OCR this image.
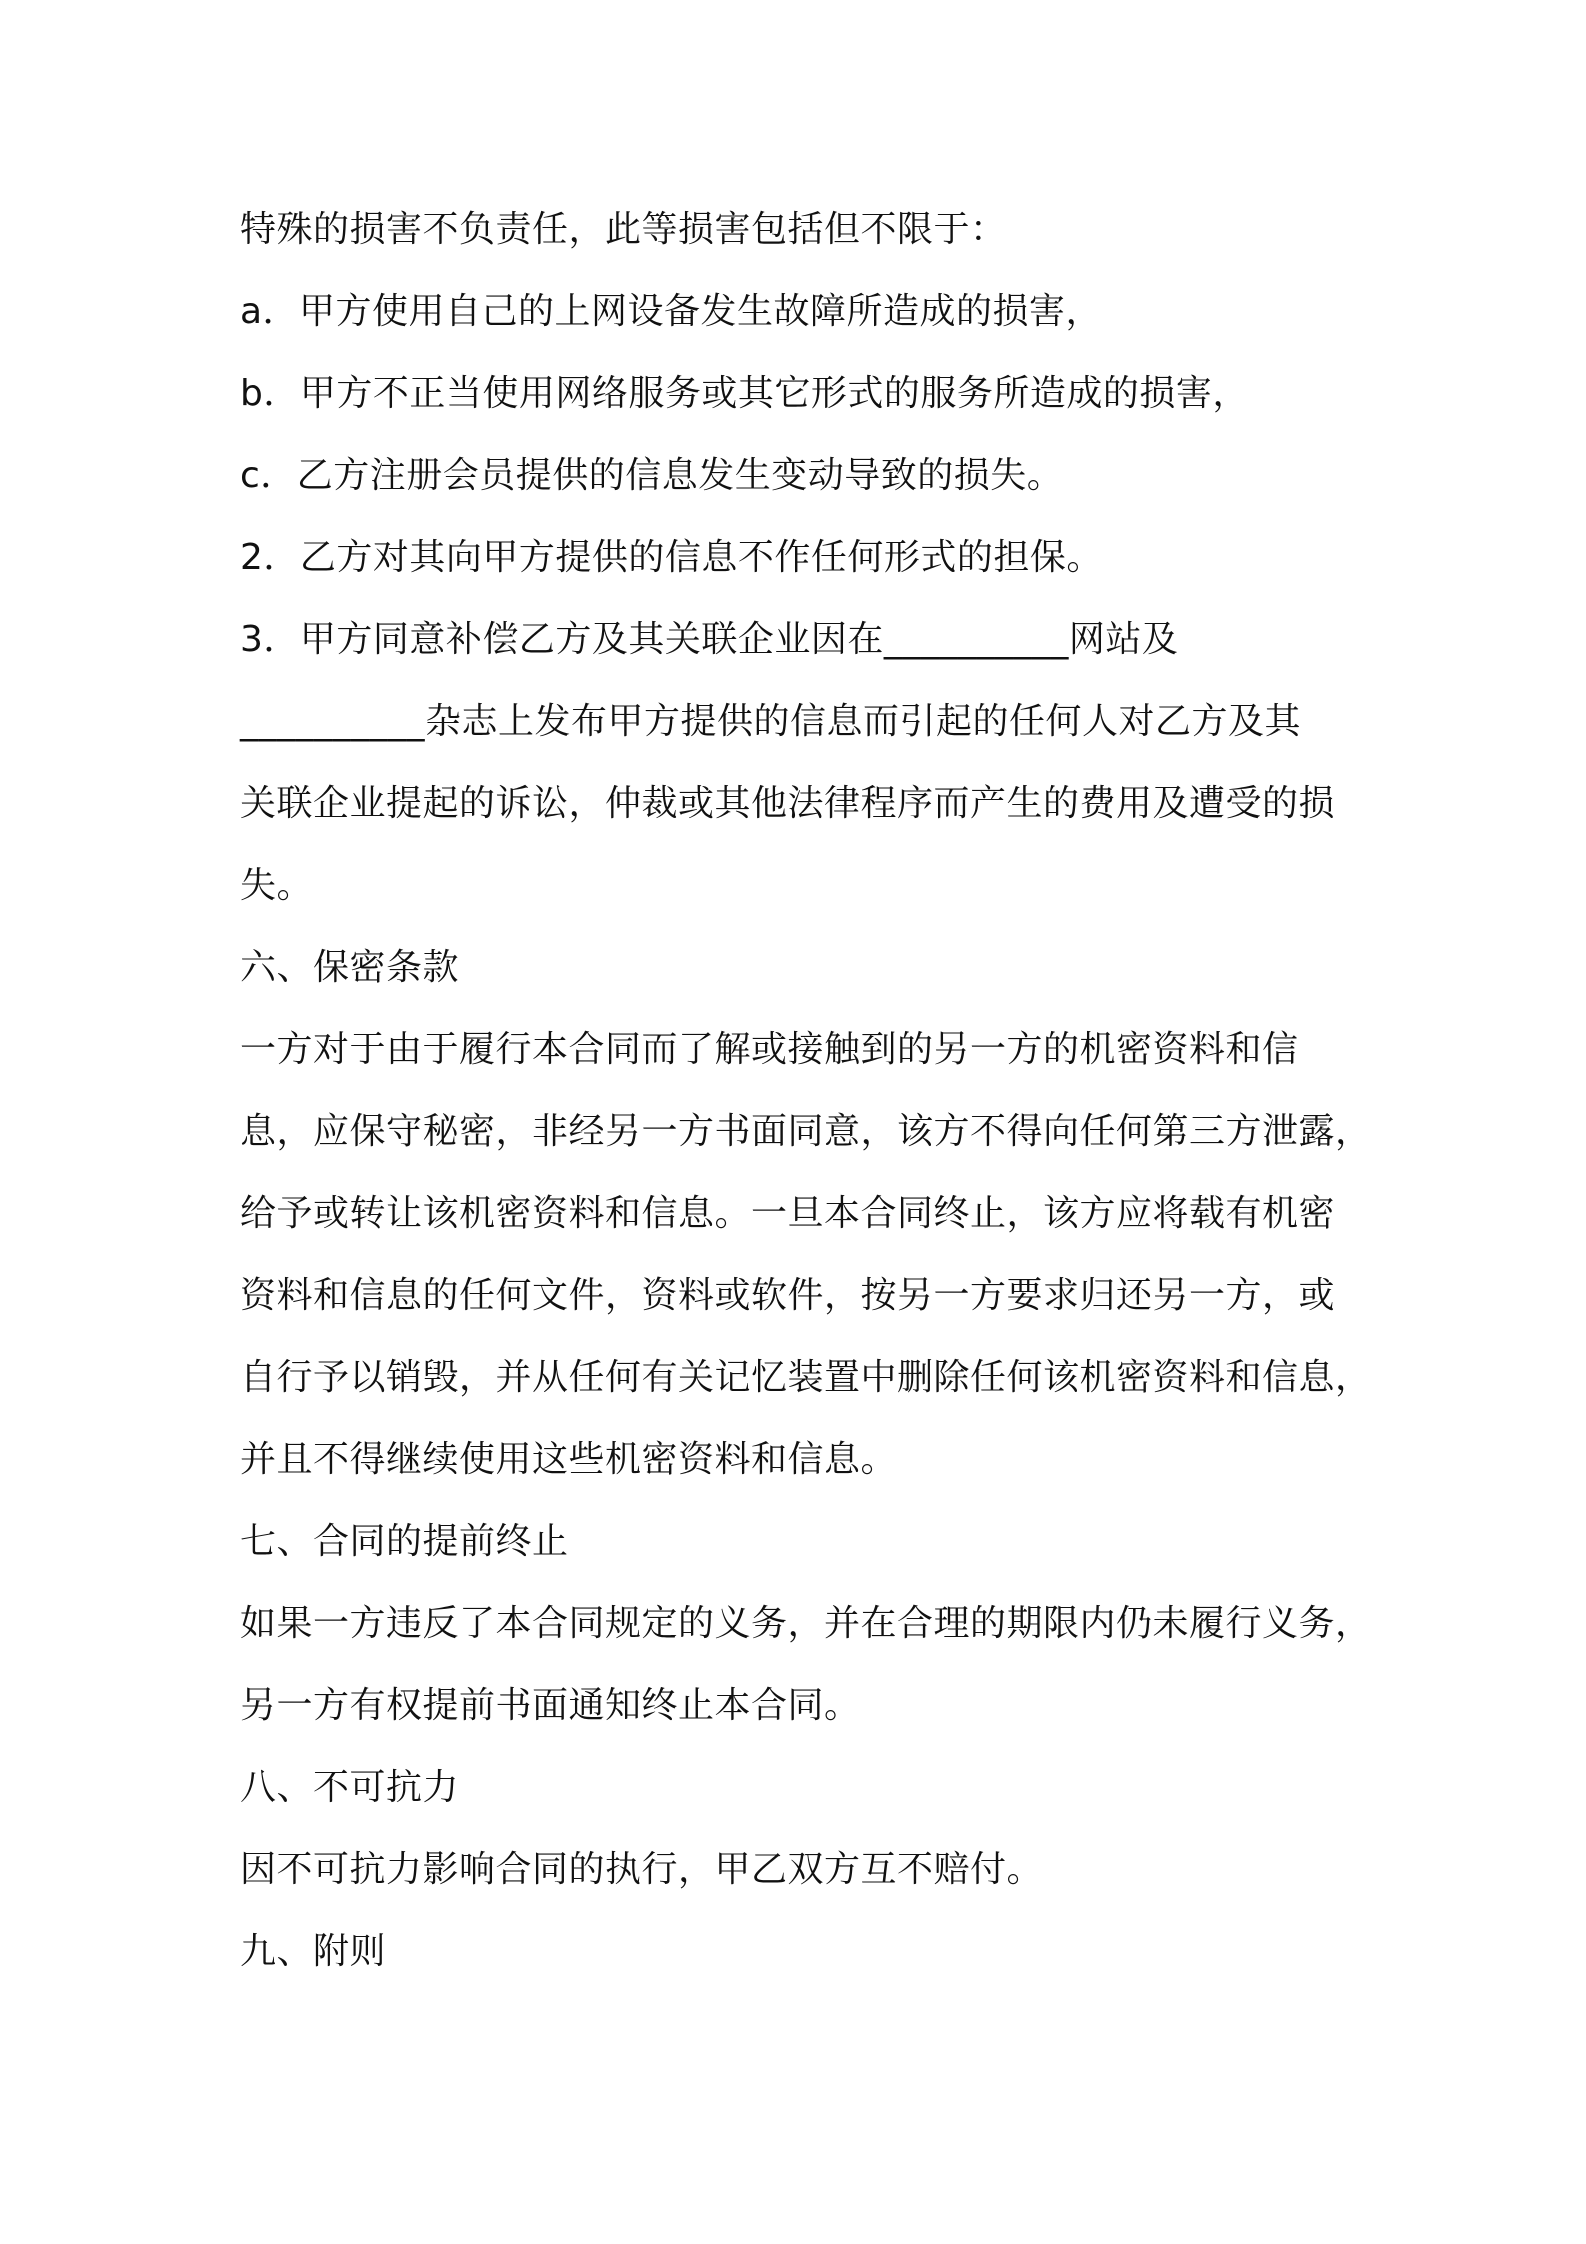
特殊的损害不负责任，此等损害包括但不限于：

a．甲方使用自己的上网设备发生故障所造成的损害，

b．甲方不正当使用网络服务或其它形式的服务所造成的损害，

c．乙方注册会员提供的信息发生变动导致的损失。

2．乙方对其向甲方提供的信息不作任何形式的担保。

3．甲方同意补偿乙方及其关联企业因在__________网站及

__________杂志上发布甲方提供的信息而引起的任何人对乙方及其

关联企业提起的诉讼，仲裁或其他法律程序而产生的费用及遭受的损

失。

六、保密条款

一方对于由于履行本合同而了解或接触到的另一方的机密资料和信

息，应保守秘密，非经另一方书面同意，该方不得向任何第三方泄露，

给予或转让该机密资料和信息。一旦本合同终止，该方应将载有机密

资料和信息的任何文件，资料或软件，按另一方要求归还另一方，或

自行予以销毁，并从任何有关记忆装置中删除任何该机密资料和信息，

并且不得继续使用这些机密资料和信息。

七、合同的提前终止

如果一方违反了本合同规定的义务，并在合理的期限内仍未履行义务，

另一方有权提前书面通知终止本合同。

八、不可抗力

因不可抗力影响合同的执行，甲乙双方互不赔付。

九、附则
